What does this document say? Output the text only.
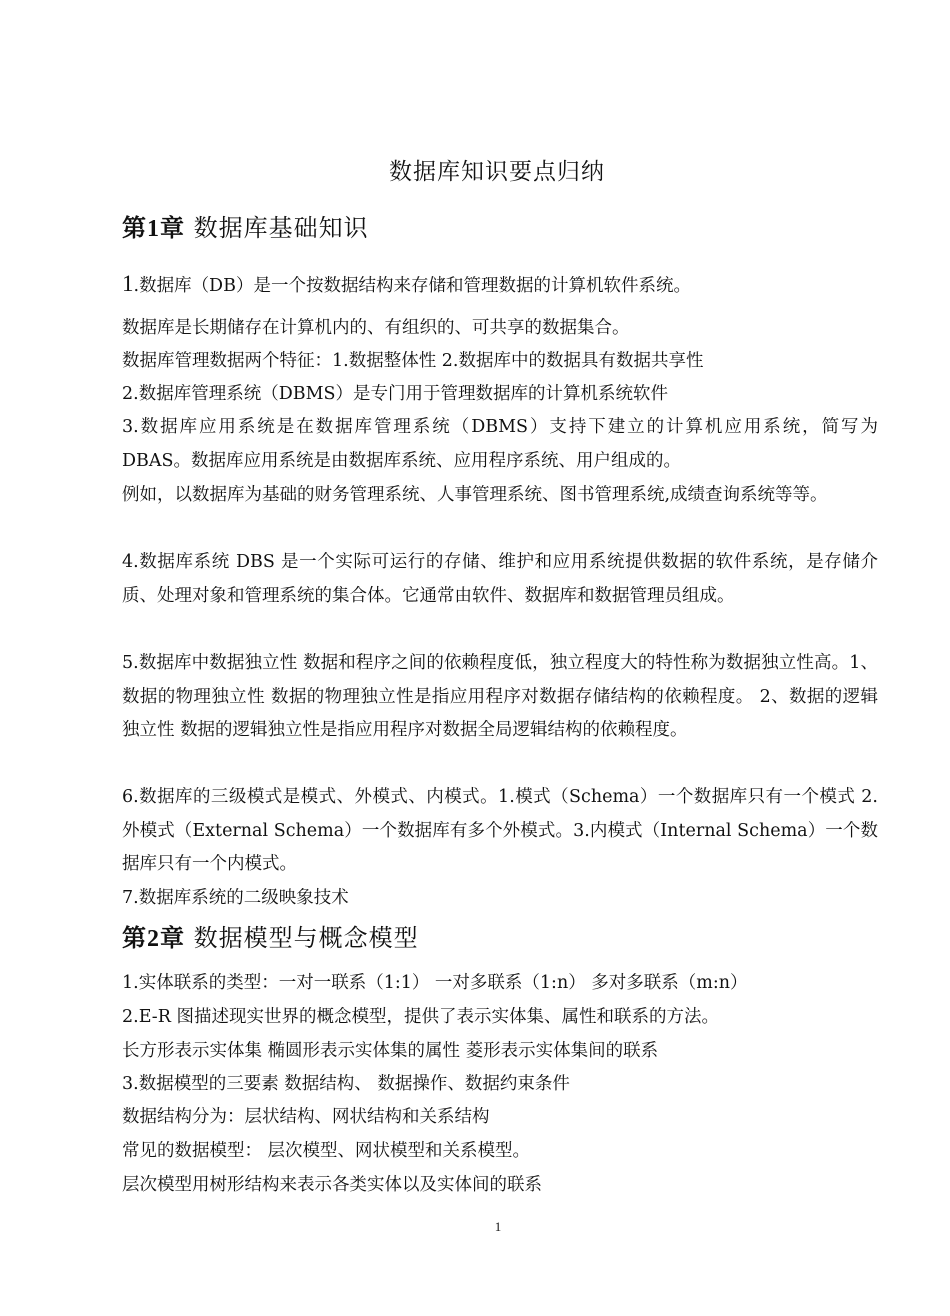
数据库知识要点归纳
第1章 数据库基础知识
1.数据库（DB）是一个按数据结构来存储和管理数据的计算机软件系统。
数据库是长期储存在计算机内的、有组织的、可共享的数据集合。
数据库管理数据两个特征：1.数据整体性 2.数据库中的数据具有数据共享性
2.数据库管理系统（DBMS）是专门用于管理数据库的计算机系统软件
3.数据库应用系统是在数据库管理系统（DBMS）支持下建立的计算机应用系统，简写为 DBAS。数据库应用系统是由数据库系统、应用程序系统、用户组成的。
例如，以数据库为基础的财务管理系统、人事管理系统、图书管理系统,成绩查询系统等等。
4.数据库系统 DBS 是一个实际可运行的存储、维护和应用系统提供数据的软件系统，是存储介质、处理对象和管理系统的集合体。它通常由软件、数据库和数据管理员组成。
5.数据库中数据独立性 数据和程序之间的依赖程度低，独立程度大的特性称为数据独立性高。1、数据的物理独立性 数据的物理独立性是指应用程序对数据存储结构的依赖程度。 2、数据的逻辑独立性 数据的逻辑独立性是指应用程序对数据全局逻辑结构的依赖程度。
6.数据库的三级模式是模式、外模式、内模式。1.模式（Schema）一个数据库只有一个模式 2.外模式（External Schema）一个数据库有多个外模式。3.内模式（Internal Schema）一个数据库只有一个内模式。
7.数据库系统的二级映象技术
第2章 数据模型与概念模型
1.实体联系的类型：一对一联系（1:1） 一对多联系（1:n） 多对多联系（m:n）
2.E-R 图描述现实世界的概念模型，提供了表示实体集、属性和联系的方法。
长方形表示实体集 椭圆形表示实体集的属性 菱形表示实体集间的联系
3.数据模型的三要素 数据结构、 数据操作、数据约束条件
数据结构分为：层状结构、网状结构和关系结构
常见的数据模型： 层次模型、网状模型和关系模型。
层次模型用树形结构来表示各类实体以及实体间的联系
1
